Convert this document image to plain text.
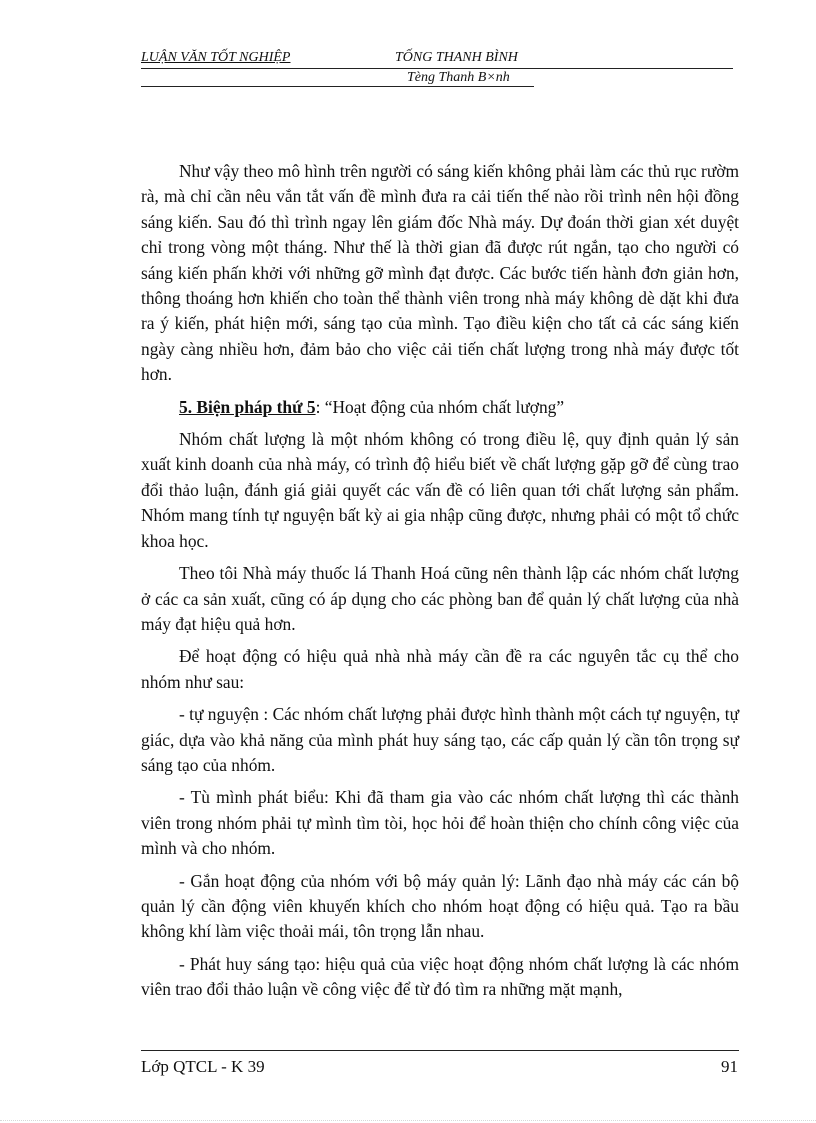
LUẬN VĂN TỐT NGHIỆP	TỐNG THANH BÌNH
Tèng Thanh B×nh

Như vậy theo mô hình trên người có sáng kiến không phải làm các thủ rục rườm rà, mà chỉ cần nêu vắn tắt vấn đề mình đưa ra cải tiến thế nào rồi trình nên hội đồng sáng kiến. Sau đó thì trình ngay lên giám đốc Nhà máy. Dự đoán thời gian xét duyệt chỉ trong vòng một tháng. Như thế là thời gian đã được rút ngắn, tạo cho người có sáng kiến phấn khởi với những gỡ mình đạt được. Các bước tiến hành đơn giản hơn, thông thoáng hơn khiến cho toàn thể thành viên trong nhà máy không dè dặt khi đưa ra ý kiến, phát hiện mới, sáng tạo của mình. Tạo điều kiện cho tất cả các sáng kiến ngày càng nhiều hơn, đảm bảo cho việc cải tiến chất lượng trong nhà máy được tốt hơn.

5. Biện pháp thứ 5: “Hoạt động của nhóm chất lượng”

Nhóm chất lượng là một nhóm không có trong điều lệ, quy định quản lý sản xuất kinh doanh của nhà máy, có trình độ hiểu biết về chất lượng gặp gỡ để cùng trao đổi thảo luận, đánh giá giải quyết các vấn đề có liên quan tới chất lượng sản phẩm. Nhóm mang tính tự nguyện bất kỳ ai gia nhập cũng được, nhưng phải có một tổ chức khoa học.

Theo tôi Nhà máy thuốc lá Thanh Hoá cũng nên thành lập các nhóm chất lượng ở các ca sản xuất, cũng có áp dụng cho các phòng ban để quản lý chất lượng của nhà máy đạt hiệu quả hơn.

Để hoạt động có hiệu quả nhà nhà máy cần đề ra các nguyên tắc cụ thể cho nhóm như sau:

- tự nguyện : Các nhóm chất lượng phải được hình thành một cách tự nguyện, tự giác, dựa vào khả năng của mình phát huy sáng tạo, các cấp quản lý cần tôn trọng sự sáng tạo của nhóm.

- Tù mình phát biểu: Khi đã tham gia vào các nhóm chất lượng thì các thành viên trong nhóm phải tự mình tìm tòi, học hỏi để hoàn thiện cho chính công việc của mình và cho nhóm.

- Gắn hoạt động của nhóm với bộ máy quản lý: Lãnh đạo nhà máy các cán bộ quản lý cần động viên khuyến khích cho nhóm hoạt động có hiệu quả. Tạo ra bầu không khí làm việc thoải mái, tôn trọng lẫn nhau.

- Phát huy sáng tạo: hiệu quả của việc hoạt động nhóm chất lượng là các nhóm viên trao đổi thảo luận về công việc để từ đó tìm ra những mặt mạnh,

Lớp QTCL - K 39	91
